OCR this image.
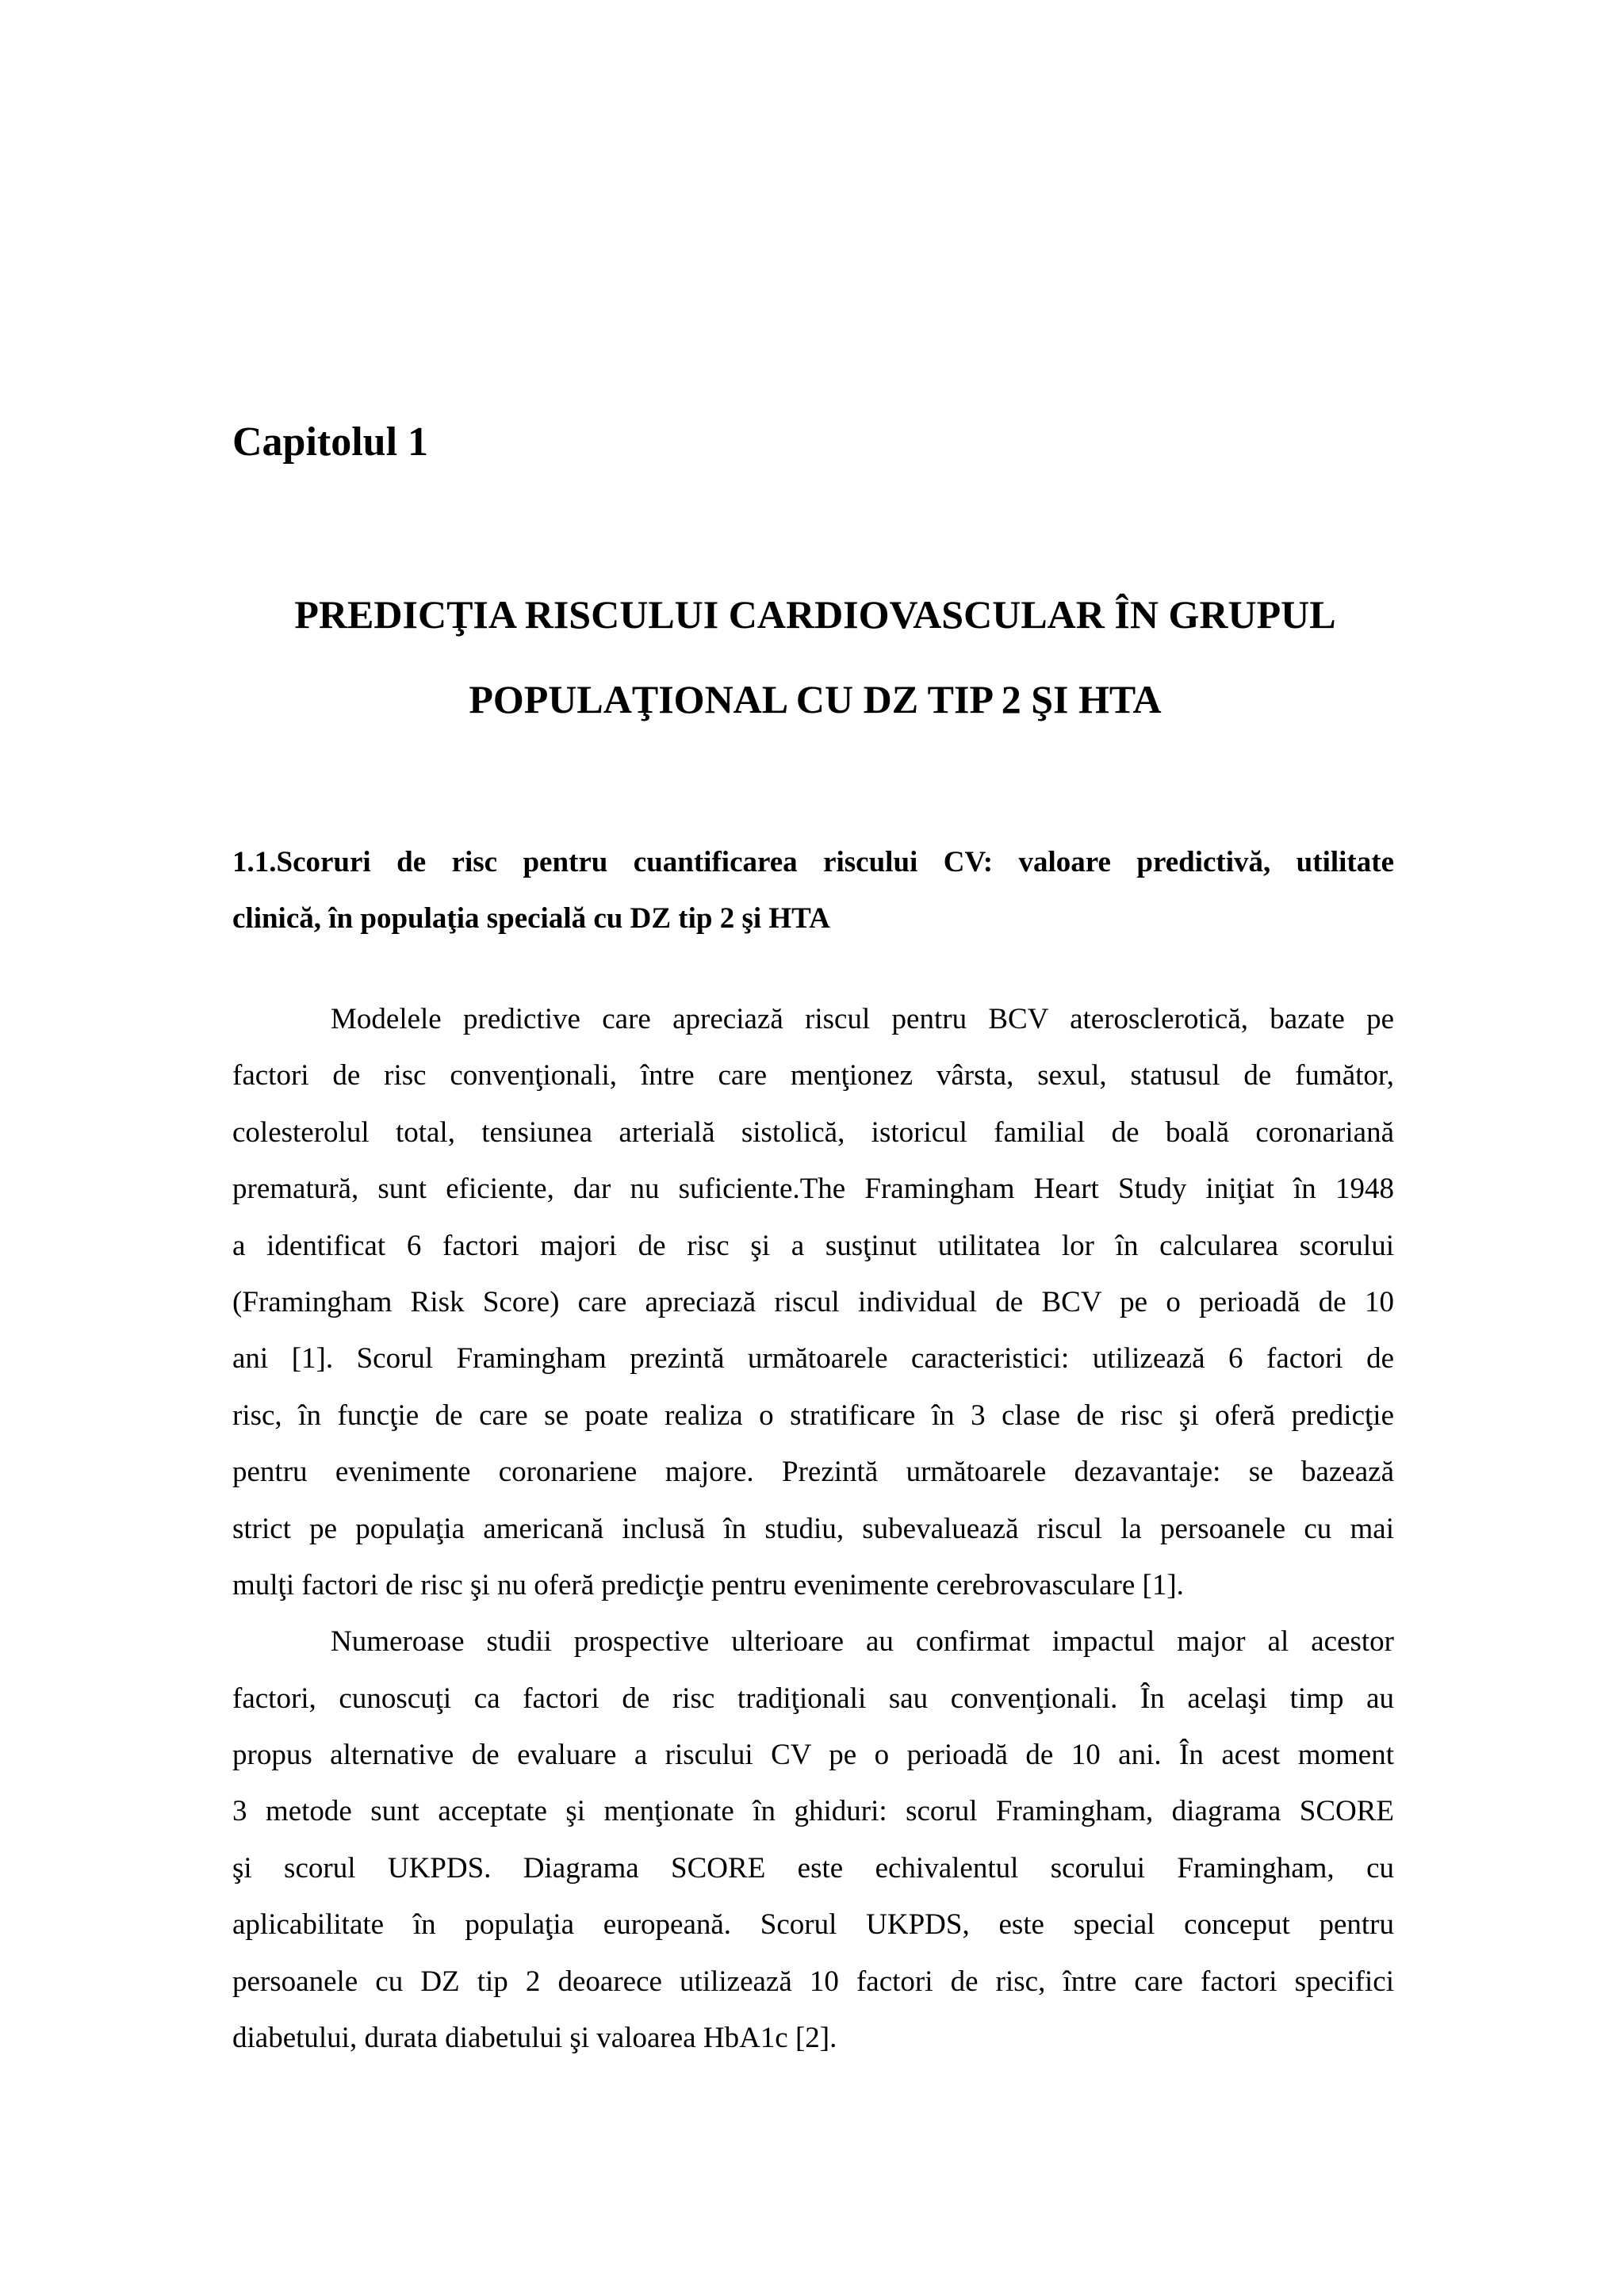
Capitolul 1
PREDICŢIA RISCULUI CARDIOVASCULAR ÎN GRUPUL
POPULAŢIONAL CU DZ TIP 2 ŞI HTA
1.1.Scoruri de risc pentru cuantificarea riscului CV: valoare predictivă, utilitate
clinică, în populaţia specială cu DZ tip 2 şi HTA
Modelele predictive care apreciază riscul pentru BCV aterosclerotică, bazate pe
factori de risc convenţionali, între care menţionez vârsta, sexul, statusul de fumător,
colesterolul total, tensiunea arterială sistolică, istoricul familial de boală coronariană
prematură, sunt eficiente, dar nu suficiente.The Framingham Heart Study iniţiat în 1948
a identificat 6 factori majori de risc şi a susţinut utilitatea lor în calcularea scorului
(Framingham Risk Score) care apreciază riscul individual de BCV pe o perioadă de 10
ani [1]. Scorul Framingham prezintă următoarele caracteristici: utilizează 6 factori de
risc, în funcţie de care se poate realiza o stratificare în 3 clase de risc şi oferă predicţie
pentru evenimente coronariene majore. Prezintă următoarele dezavantaje: se bazează
strict pe populaţia americană inclusă în studiu, subevaluează riscul la persoanele cu mai
mulţi factori de risc şi nu oferă predicţie pentru evenimente cerebrovasculare [1].
Numeroase studii prospective ulterioare au confirmat impactul major al acestor
factori, cunoscuţi ca factori de risc tradiţionali sau convenţionali. În acelaşi timp au
propus alternative de evaluare a riscului CV pe o perioadă de 10 ani. În acest moment
3 metode sunt acceptate şi menţionate în ghiduri: scorul Framingham, diagrama SCORE
şi scorul UKPDS. Diagrama SCORE este echivalentul scorului Framingham, cu
aplicabilitate în populaţia europeană. Scorul UKPDS, este special conceput pentru
persoanele cu DZ tip 2 deoarece utilizează 10 factori de risc, între care factori specifici
diabetului, durata diabetului şi valoarea HbA1c [2].
